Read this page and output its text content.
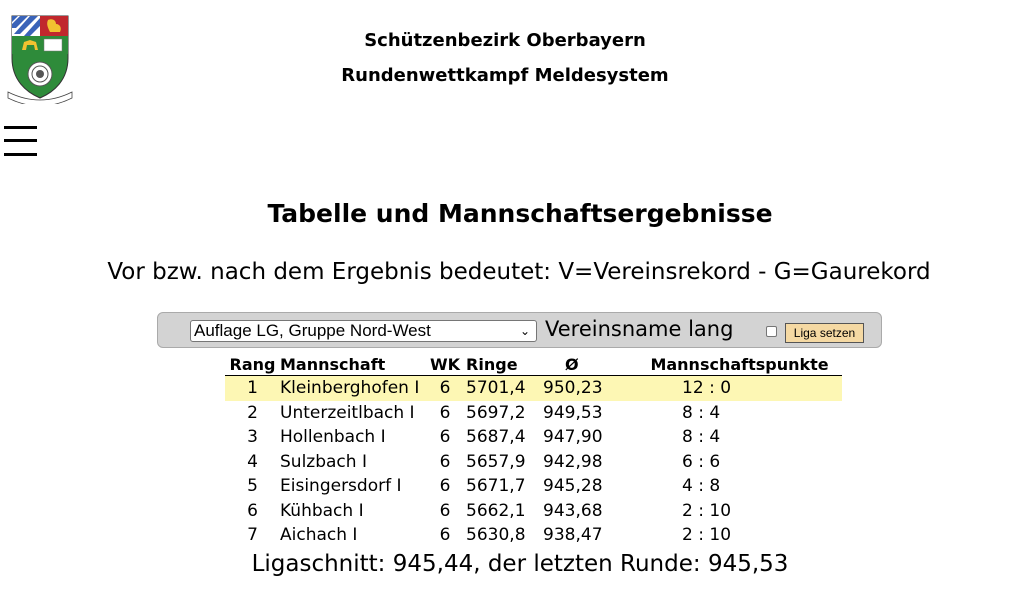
Schützenbezirk Oberbayern
Rundenwettkampf Meldesystem
Tabelle und Mannschaftsergebnisse
Vor bzw. nach dem Ergebnis bedeutet: V=Vereinsrekord - G=Gaurekord
Auflage LG, Gruppe Nord-West	⌄ Vereinsname lang	Liga setzen
Rang	Mannschaft	WK	Ringe	Ø	Mannschaftspunkte
1	Kleinberghofen I	6	5701,4	950,23	12 : 0
2	Unterzeitlbach I	6	5697,2	949,53	8 : 4
3	Hollenbach I	6	5687,4	947,90	8 : 4
4	Sulzbach I	6	5657,9	942,98	6 : 6
5	Eisingersdorf I	6	5671,7	945,28	4 : 8
6	Kühbach I	6	5662,1	943,68	2 : 10
7	Aichach I	6	5630,8	938,47	2 : 10
Ligaschnitt: 945,44, der letzten Runde: 945,53
